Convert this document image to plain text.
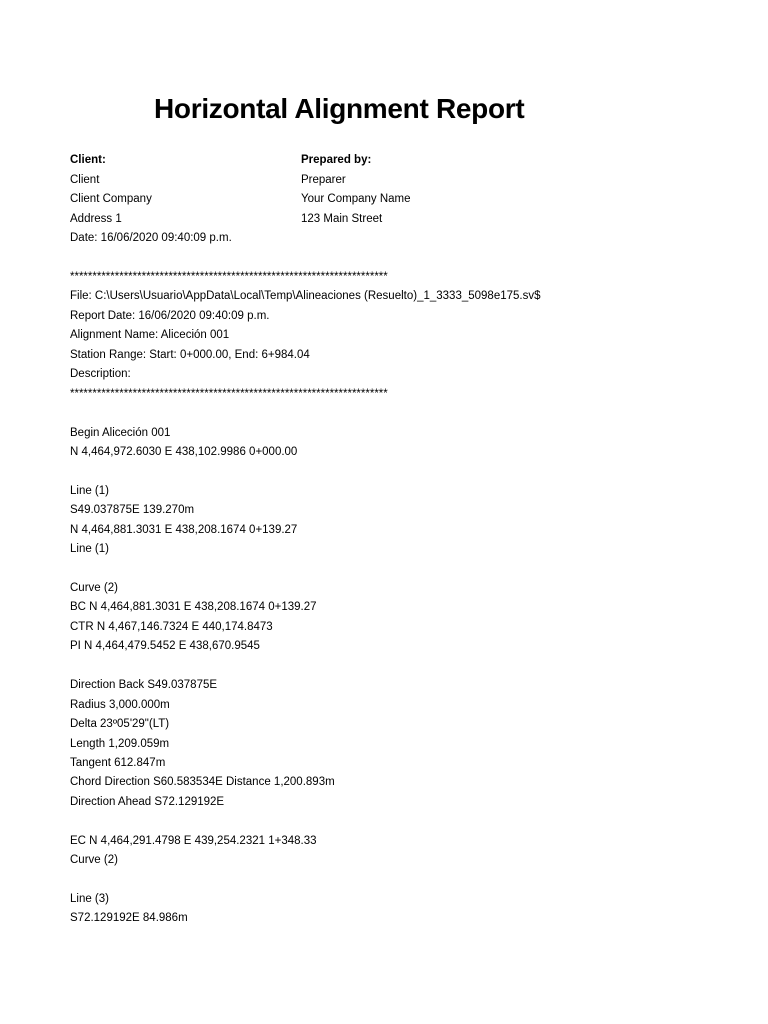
Horizontal Alignment Report
Client:
Client
Client Company
Address 1
Date: 16/06/2020 09:40:09 p.m.
Prepared by:
Preparer
Your Company Name
123 Main Street
***********************************************************************
File: C:\Users\Usuario\AppData\Local\Temp\Alineaciones (Resuelto)_1_3333_5098e175.sv$
Report Date: 16/06/2020 09:40:09 p.m.
Alignment Name: Aliceción 001
Station Range: Start: 0+000.00, End: 6+984.04
Description:
***********************************************************************
Begin Aliceción 001
N 4,464,972.6030 E 438,102.9986 0+000.00
Line (1)
S49.037875E 139.270m
N 4,464,881.3031 E 438,208.1674 0+139.27
Line (1)
Curve (2)
BC N 4,464,881.3031 E 438,208.1674 0+139.27
CTR N 4,467,146.7324 E 440,174.8473
PI N 4,464,479.5452 E 438,670.9545
Direction Back S49.037875E
Radius 3,000.000m
Delta 23º05'29"(LT)
Length 1,209.059m
Tangent 612.847m
Chord Direction S60.583534E Distance 1,200.893m
Direction Ahead S72.129192E
EC N 4,464,291.4798 E 439,254.2321 1+348.33
Curve (2)
Line (3)
S72.129192E 84.986m
